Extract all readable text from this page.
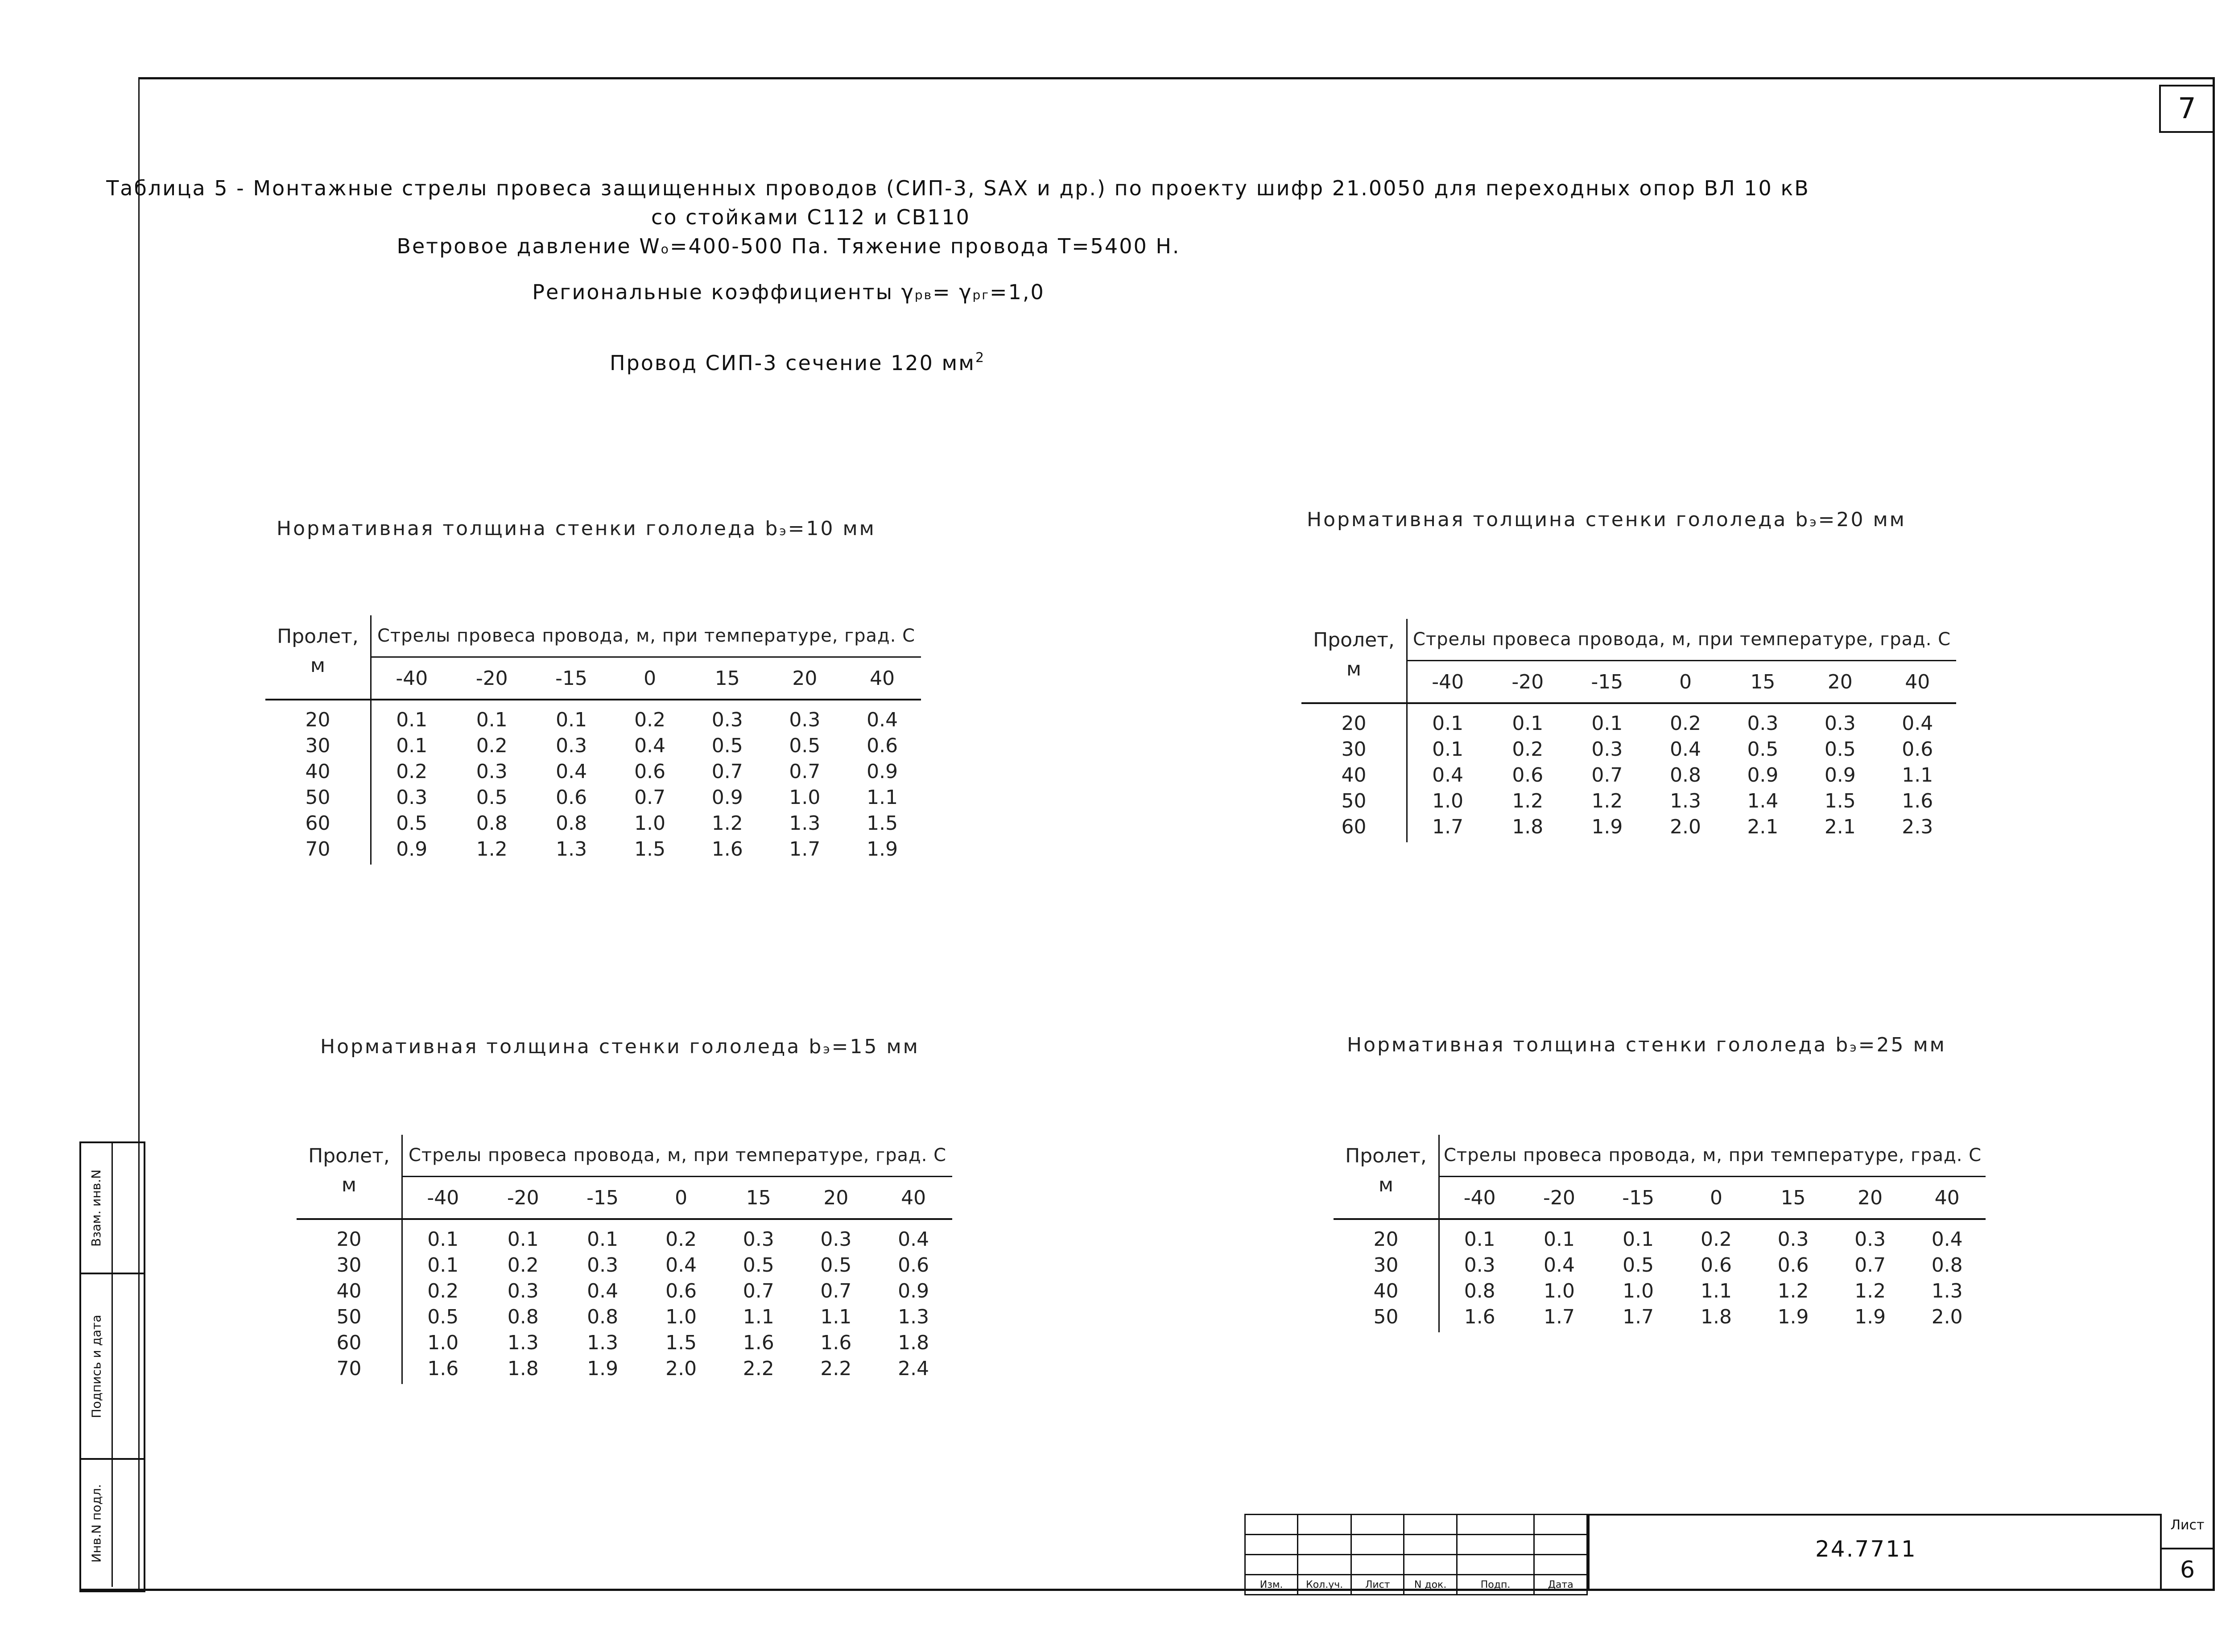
7
Таблица 5 - Монтажные стрелы провеса защищенных проводов (СИП-3, SAX и др.) по проекту шифр 21.0050 для переходных опор ВЛ 10 кВ
со стойками С112 и СВ110
Ветровое давление Wo=400-500 Па. Тяжение провода Т=5400 Н.
Региональные коэффициенты γрв= γрг=1,0
Провод СИП-3 сечение 120 $мм^2$
Нормативная толщина стенки гололеда bэ=10 мм	Нормативная толщина стенки гололеда bэ=20 мм
Нормативная толщина стенки гололеда bэ=15 мм	Нормативная толщина стенки гололеда bэ=25 мм
Пролет,
м	Стрелы провеса провода, м, при температуре, град. С						
	-40	-20	-15	0	15	20	40
20	0.1	0.1	0.1	0.2	0.3	0.3	0.4
30	0.1	0.2	0.3	0.4	0.5	0.5	0.6
40	0.2	0.3	0.4	0.6	0.7	0.7	0.9
50	0.3	0.5	0.6	0.7	0.9	1.0	1.1
60	0.5	0.8	0.8	1.0	1.2	1.3	1.5
70	0.9	1.2	1.3	1.5	1.6	1.7	1.9
Пролет,
м	Стрелы провеса провода, м, при температуре, град. С						
	-40	-20	-15	0	15	20	40
20	0.1	0.1	0.1	0.2	0.3	0.3	0.4
30	0.1	0.2	0.3	0.4	0.5	0.5	0.6
40	0.4	0.6	0.7	0.8	0.9	0.9	1.1
50	1.0	1.2	1.2	1.3	1.4	1.5	1.6
60	1.7	1.8	1.9	2.0	2.1	2.1	2.3
Пролет,
м	Стрелы провеса провода, м, при температуре, град. С						
	-40	-20	-15	0	15	20	40
20	0.1	0.1	0.1	0.2	0.3	0.3	0.4
30	0.1	0.2	0.3	0.4	0.5	0.5	0.6
40	0.2	0.3	0.4	0.6	0.7	0.7	0.9
50	0.5	0.8	0.8	1.0	1.1	1.1	1.3
60	1.0	1.3	1.3	1.5	1.6	1.6	1.8
70	1.6	1.8	1.9	2.0	2.2	2.2	2.4
Пролет,
м	Стрелы провеса провода, м, при температуре, град. С						
	-40	-20	-15	0	15	20	40
20	0.1	0.1	0.1	0.2	0.3	0.3	0.4
30	0.3	0.4	0.5	0.6	0.6	0.7	0.8
40	0.8	1.0	1.0	1.1	1.2	1.2	1.3
50	1.6	1.7	1.7	1.8	1.9	1.9	2.0
Взам. инв.N
Подпись и дата
Инв.N подл.

Изм.	Кол.уч.	Лист	N док.	Подп.	Дата
24.7711
Лист
6
